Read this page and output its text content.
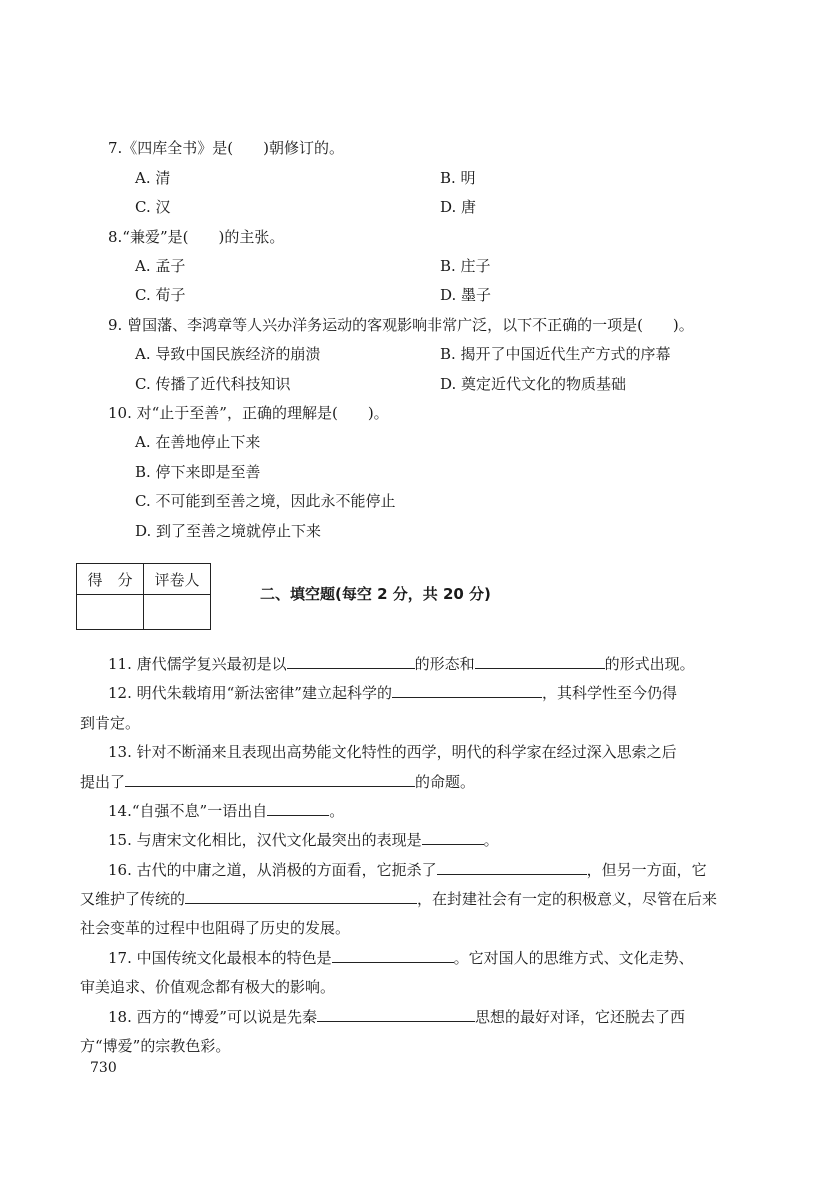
7.《四库全书》是(　　)朝修订的。
A. 清	B. 明
C. 汉	D. 唐
8.“兼爱”是(　　)的主张。
A. 孟子	B. 庄子
C. 荀子	D. 墨子
9. 曾国藩、李鸿章等人兴办洋务运动的客观影响非常广泛，以下不正确的一项是(　　)。
A. 导致中国民族经济的崩溃	B. 揭开了中国近代生产方式的序幕
C. 传播了近代科技知识	D. 奠定近代文化的物质基础
10. 对“止于至善”，正确的理解是(　　)。
A. 在善地停止下来
B. 停下来即是至善
C. 不可能到至善之境，因此永不能停止
D. 到了至善之境就停止下来
得　分	评卷人

二、填空题(每空 2 分，共 20 分)
11. 唐代儒学复兴最初是以	的形态和	的形式出现。
12. 明代朱载堉用“新法密律”建立起科学的	，其科学性至今仍得
到肯定。
13. 针对不断涌来且表现出高势能文化特性的西学，明代的科学家在经过深入思索之后
提出了	的命题。
14.“自强不息”一语出自	。
15. 与唐宋文化相比，汉代文化最突出的表现是	。
16. 古代的中庸之道，从消极的方面看，它扼杀了	，但另一方面，它
又维护了传统的	，在封建社会有一定的积极意义，尽管在后来
社会变革的过程中也阻碍了历史的发展。
17. 中国传统文化最根本的特色是	。它对国人的思维方式、文化走势、
审美追求、价值观念都有极大的影响。
18. 西方的“博爱”可以说是先秦	思想的最好对译，它还脱去了西
方“博爱”的宗教色彩。
730
